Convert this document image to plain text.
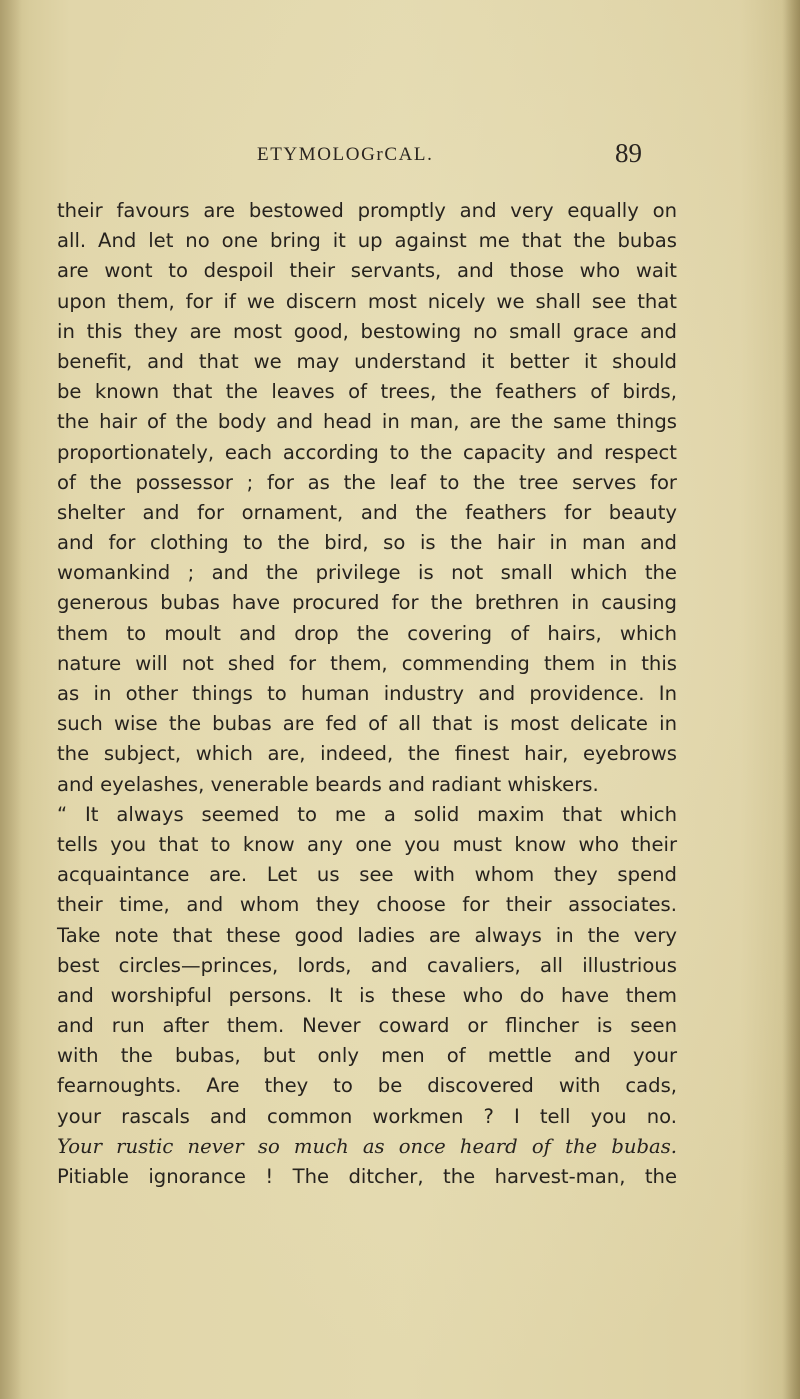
ETYMOLOGrCAL.	89
their favours are bestowed promptly and very equally on
all. And let no one bring it up against me that the bubas
are wont to despoil their servants, and those who wait
upon them, for if we discern most nicely we shall see that
in this they are most good, bestowing no small grace and
benefit, and that we may understand it better it should
be known that the leaves of trees, the feathers of birds,
the hair of the body and head in man, are the same things
proportionately, each according to the capacity and respect
of the possessor ; for as the leaf to the tree serves for
shelter and for ornament, and the feathers for beauty
and for clothing to the bird, so is the hair in man and
womankind ; and the privilege is not small which the
generous bubas have procured for the brethren in causing
them to moult and drop the covering of hairs, which
nature will not shed for them, commending them in this
as in other things to human industry and providence. In
such wise the bubas are fed of all that is most delicate in
the subject, which are, indeed, the finest hair, eyebrows
and eyelashes, venerable beards and radiant whiskers.
“ It always seemed to me a solid maxim that which
tells you that to know any one you must know who their
acquaintance are. Let us see with whom they spend
their time, and whom they choose for their associates.
Take note that these good ladies are always in the very
best circles—princes, lords, and cavaliers, all illustrious
and worshipful persons. It is these who do have them
and run after them. Never coward or flincher is seen
with the bubas, but only men of mettle and your
fearnoughts. Are they to be discovered with cads,
your rascals and common workmen ? I tell you no.
Your rustic never so much as once heard of the bubas.
Pitiable ignorance ! The ditcher, the harvest-man, the
